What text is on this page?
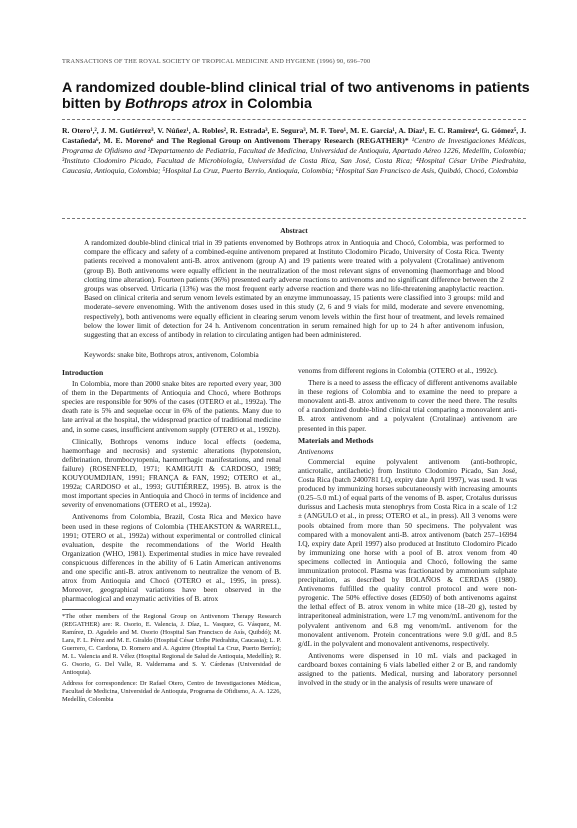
TRANSACTIONS OF THE ROYAL SOCIETY OF TROPICAL MEDICINE AND HYGIENE (1996) 90, 696–700
A randomized double-blind clinical trial of two antivenoms in patients bitten by Bothrops atrox in Colombia
R. Otero¹,², J. M. Gutiérrez³, V. Núñez¹, A. Robles², R. Estrada³, E. Segura³, M. F. Toro¹, M. E. García¹, A. Díaz¹, E. C. Ramírez⁴, G. Gómez⁵, J. Castañeda⁶, M. E. Moreno⁶ and The Regional Group on Antivenom Therapy Research (REGATHER)* ¹Centro de Investigaciones Médicas, Programa de Ofidismo and ²Departamento de Pediatría, Facultad de Medicina, Universidad de Antioquia, Apartado Aéreo 1226, Medellín, Colombia; ³Instituto Clodomiro Picado, Facultad de Microbiología, Universidad de Costa Rica, San José, Costa Rica; ⁴Hospital César Uribe Piedrahita, Caucasia, Antioquia, Colombia; ⁵Hospital La Cruz, Puerto Berrío, Antioquia, Colombia; ⁶Hospital San Francisco de Asís, Quibdó, Chocó, Colombia
Abstract
A randomized double-blind clinical trial in 39 patients envenomed by Bothrops atrox in Antioquia and Chocó, Colombia, was performed to compare the efficacy and safety of a combined-equine antivenom prepared at Instituto Clodomiro Picado, University of Costa Rica. Twenty patients received a monovalent anti-B. atrox antivenom (group A) and 19 patients were treated with a polyvalent (Crotalinae) antivenom (group B). Both antivenoms were equally efficient in the neutralization of the most relevant signs of envenoming (haemorrhage and blood clotting time alteration). Fourteen patients (36%) presented early adverse reactions to antivenoms and no significant difference between the 2 groups was observed. Urticaria (13%) was the most frequent early adverse reaction and there was no life-threatening anaphylactic reaction. Based on clinical criteria and serum venom levels estimated by an enzyme immunoassay, 15 patients were classified into 3 groups: mild and moderate–severe envenoming. With the antivenom doses used in this study (2, 6 and 9 vials for mild, moderate and severe envenoming, respectively), both antivenoms were equally efficient in clearing serum venom levels within the first hour of treatment, and levels remained below the lower limit of detection for 24 h. Antivenom concentration in serum remained high for up to 24 h after antivenom infusion, suggesting that an excess of antibody in relation to circulating antigen had been administered.
Keywords: snake bite, Bothrops atrox, antivenom, Colombia
Introduction

In Colombia, more than 2000 snake bites are reported every year, 300 of them in the Departments of Antioquia and Chocó, where Bothrops species are responsible for 90% of the cases (OTERO et al., 1992a). The death rate is 5% and sequelae occur in 6% of the patients. Many due to late arrival at the hospital, the widespread practice of traditional medicine and, in some cases, insufficient antivenom supply (OTERO et al., 1992b).

Clinically, Bothrops venoms induce local effects (oedema, haemorrhage and necrosis) and systemic alterations (hypotension, defibrination, thrombocytopenia, haemorrhagic manifestations, and renal failure) (ROSENFELD, 1971; KAMIGUTI & CARDOSO, 1989; KOUYOUMDJIAN, 1991; FRANÇA & FAN, 1992; OTERO et al., 1992a; CARDOSO et al., 1993; GUTIÉRREZ, 1995). B. atrox is the most important species in Antioquia and Chocó in terms of incidence and severity of envenomations (OTERO et al., 1992a).

Antivenoms from Colombia, Brazil, Costa Rica and Mexico have been used in these regions of Colombia (THEAKSTON & WARRELL, 1991; OTERO et al., 1992a) without experimental or controlled clinical evaluation, despite the recommendations of the World Health Organization (WHO, 1981). Experimental studies in mice have revealed conspicuous differences in the ability of 6 Latin American antivenoms and one specific anti-B. atrox antivenom to neutralize the venom of B. atrox from Antioquia and Chocó (OTERO et al., 1995, in press). Moreover, geographical variations have been observed in the pharmacological and enzymatic activities of B. atrox

*The other members of the Regional Group on Antivenom Therapy Research (REGATHER) are: R. Osorio, E. Valencia, J. Díaz, L. Vasquez, G. Vásquez, M. Ramírez, D. Agudelo and M. Osorio (Hospital San Francisco de Asís, Quibdó); M. Lara, F. L. Pérez and M. E. Giraldo (Hospital César Uribe Piedrahita, Caucasia); L. P. Guerrero, C. Cardona, D. Romero and A. Aguirre (Hospital La Cruz, Puerto Berrío); M. L. Valencia and R. Vélez (Hospital Regional de Salud de Antioquia, Medellín); R. G. Osorio, G. Del Valle, R. Valderrama and S. Y. Cárdenas (Universidad de Antioquia).
Address for correspondence: Dr Rafael Otero, Centro de Investigaciones Médicas, Facultad de Medicina, Universidad de Antioquia, Programa de Ofidismo, A. A. 1226, Medellín, Colombia

venoms from different regions in Colombia (OTERO et al., 1992c).

There is a need to assess the efficacy of different antivenoms available in these regions of Colombia and to examine the need to prepare a monovalent anti-B. atrox antivenom to cover the need there. The results of a randomized double-blind clinical trial comparing a monovalent anti-B. atrox antivenom and a polyvalent (Crotalinae) antivenom are presented in this paper.

Materials and Methods
Antivenoms

Commercial equine polyvalent antivenom (anti-bothropic, anticrotalic, antilachetic) from Instituto Clodomiro Picado, San José, Costa Rica (batch 2400781 LQ, expiry date April 1997), was used. It was produced by immunizing horses subcutaneously with increasing amounts (0.25–5.0 mL) of equal parts of the venoms of B. asper, Crotalus durissus durissus and Lachesis muta stenophrys from Costa Rica in a scale of 1:2 ± (ANGULO et al., in press; OTERO et al., in press). All 3 venoms were pools obtained from more than 50 specimens. The polyvalent was compared with a monovalent anti-B. atrox antivenom (batch 257–16994 I.Q, expiry date April 1997) also produced at Instituto Clodomiro Picado by immunizing one horse with a pool of B. atrox venom from 40 specimens collected in Antioquia and Chocó, following the same immunization protocol. Plasma was fractionated by ammonium sulphate precipitation, as described by BOLAÑOS & CERDAS (1980). Antivenoms fulfilled the quality control protocol and were non-pyrogenic. The 50% effective doses (ED50) of both antivenoms against the lethal effect of B. atrox venom in white mice (18–20 g), tested by intraperitoneal administration, were 1.7 mg venom/mL antivenom for the polyvalent antivenom and 6.8 mg venom/mL antivenom for the monovalent antivenom. Protein concentrations were 9.0 g/dL and 8.5 g/dL in the polyvalent and monovalent antivenoms, respectively.

Antivenoms were dispensed in 10 mL vials and packaged in cardboard boxes containing 6 vials labelled either 2 or B, and randomly assigned to the patients. Medical, nursing and laboratory personnel involved in the study or in the analysis of results were unaware of
